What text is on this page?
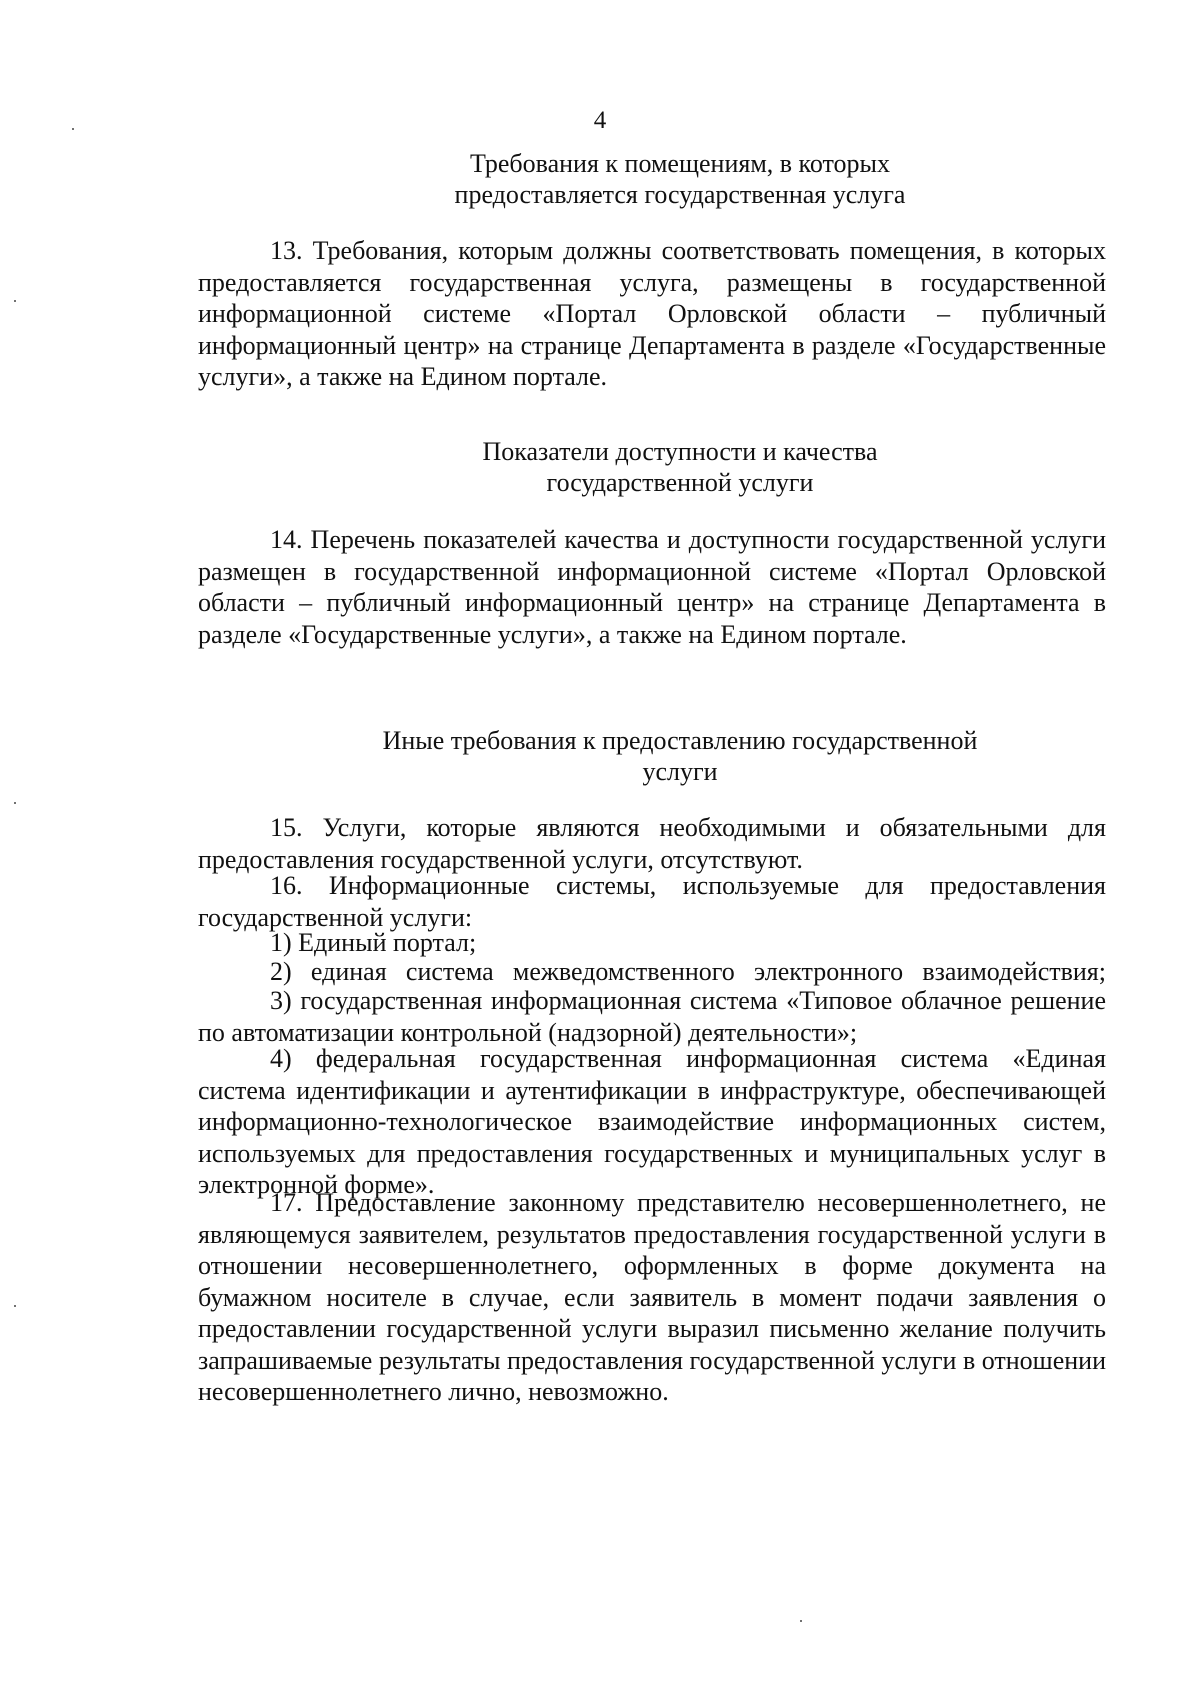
4
Требования к помещениям, в которых
предоставляется государственная услуга

13. Требования, которым должны соответствовать помещения, в которых предоставляется государственная услуга, размещены в государственной информационной системе «Портал Орловской области – публичный информационный центр» на странице Департамента в разделе «Государственные услуги», а также на Едином портале.

Показатели доступности и качества
государственной услуги

14. Перечень показателей качества и доступности государственной услуги размещен в государственной информационной системе «Портал Орловской области – публичный информационный центр» на странице Департамента в разделе «Государственные услуги», а также на Едином портале.

Иные требования к предоставлению государственной
услуги

15. Услуги, которые являются необходимыми и обязательными для предоставления государственной услуги, отсутствуют.

16. Информационные системы, используемые для предоставления государственной услуги:

1) Единый портал;

2) единая система межведомственного электронного взаимодействия;

3) государственная информационная система «Типовое облачное решение по автоматизации контрольной (надзорной) деятельности»;

4) федеральная государственная информационная система «Единая система идентификации и аутентификации в инфраструктуре, обеспечивающей информационно-технологическое взаимодействие информационных систем, используемых для предоставления государственных и муниципальных услуг в электронной форме».

17. Предоставление законному представителю несовершеннолетнего, не являющемуся заявителем, результатов предоставления государственной услуги в отношении несовершеннолетнего, оформленных в форме документа на бумажном носителе в случае, если заявитель в момент подачи заявления о предоставлении государственной услуги выразил письменно желание получить запрашиваемые результаты предоставления государственной услуги в отношении несовершеннолетнего лично, невозможно.
